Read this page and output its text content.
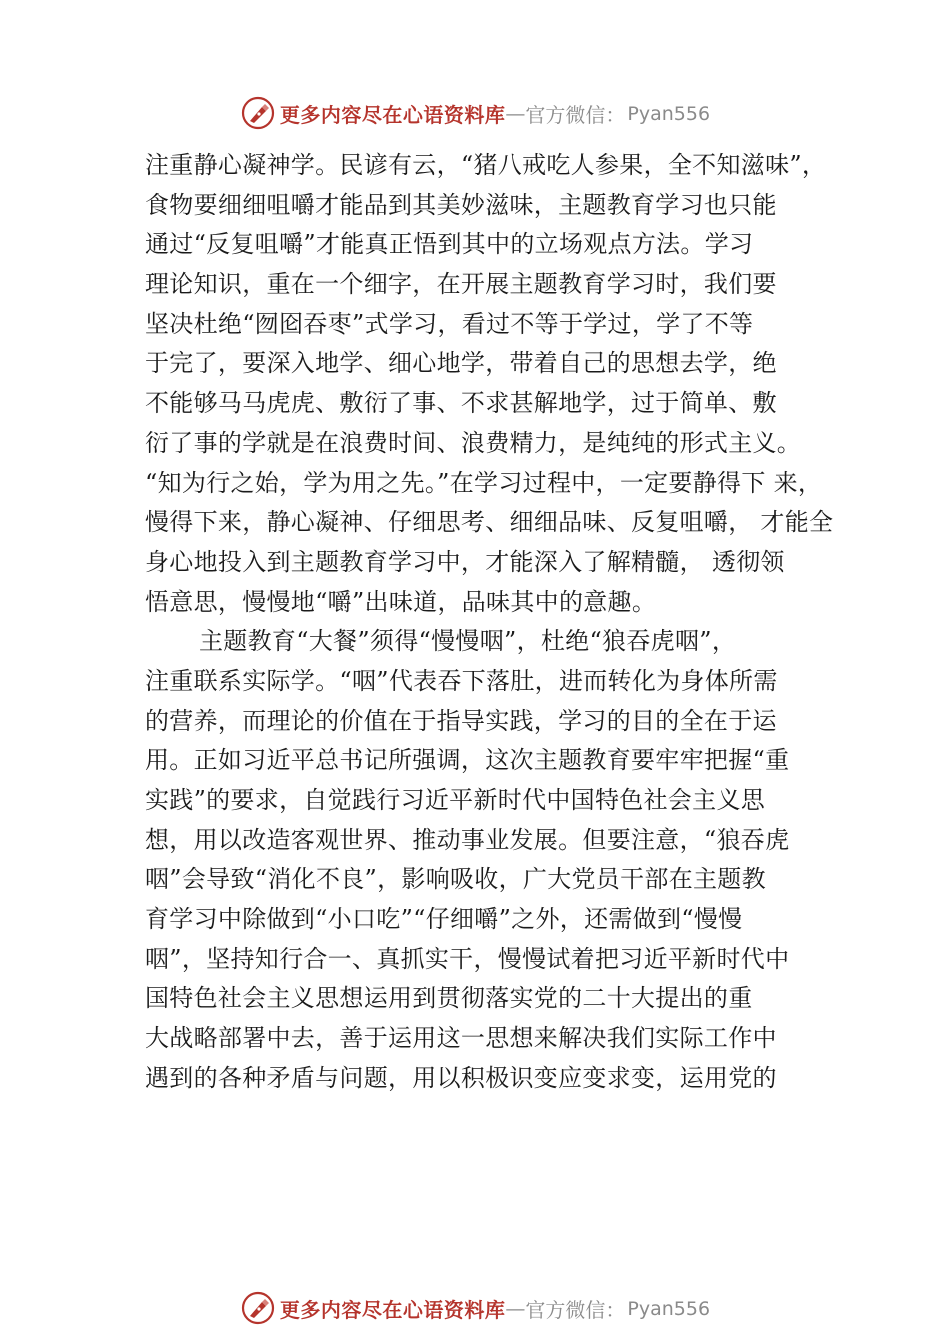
更多内容尽在心语资料库 — 官方微信： Pyan556
注重静心凝神学。民谚有云，“猪八戒吃人参果，全不知滋味”，
食物要细细咀嚼才能品到其美妙滋味，主题教育学习也只能
通过“反复咀嚼”才能真正悟到其中的立场观点方法。学习
理论知识，重在一个细字，在开展主题教育学习时，我们要
坚决杜绝“囫囵吞枣”式学习，看过不等于学过，学了不等
于完了，要深入地学、细心地学，带着自己的思想去学，绝
不能够马马虎虎、敷衍了事、不求甚解地学，过于简单、敷
衍了事的学就是在浪费时间、浪费精力，是纯纯的形式主义。
“知为行之始，学为用之先。”在学习过程中，一定要静得下 来，
慢得下来，静心凝神、仔细思考、细细品味、反复咀嚼， 才能全
身心地投入到主题教育学习中，才能深入了解精髓， 透彻领
悟意思，慢慢地“嚼”出味道，品味其中的意趣。
主题教育“大餐”须得“慢慢咽”，杜绝“狼吞虎咽”，
注重联系实际学。“咽”代表吞下落肚，进而转化为身体所需
的营养，而理论的价值在于指导实践，学习的目的全在于运
用。正如习近平总书记所强调，这次主题教育要牢牢把握“重
实践”的要求，自觉践行习近平新时代中国特色社会主义思
想，用以改造客观世界、推动事业发展。但要注意，“狼吞虎
咽”会导致“消化不良”，影响吸收，广大党员干部在主题教
育学习中除做到“小口吃”“仔细嚼”之外，还需做到“慢慢
咽”，坚持知行合一、真抓实干，慢慢试着把习近平新时代中
国特色社会主义思想运用到贯彻落实党的二十大提出的重
大战略部署中去，善于运用这一思想来解决我们实际工作中
遇到的各种矛盾与问题，用以积极识变应变求变，运用党的
更多内容尽在心语资料库 — 官方微信： Pyan556
